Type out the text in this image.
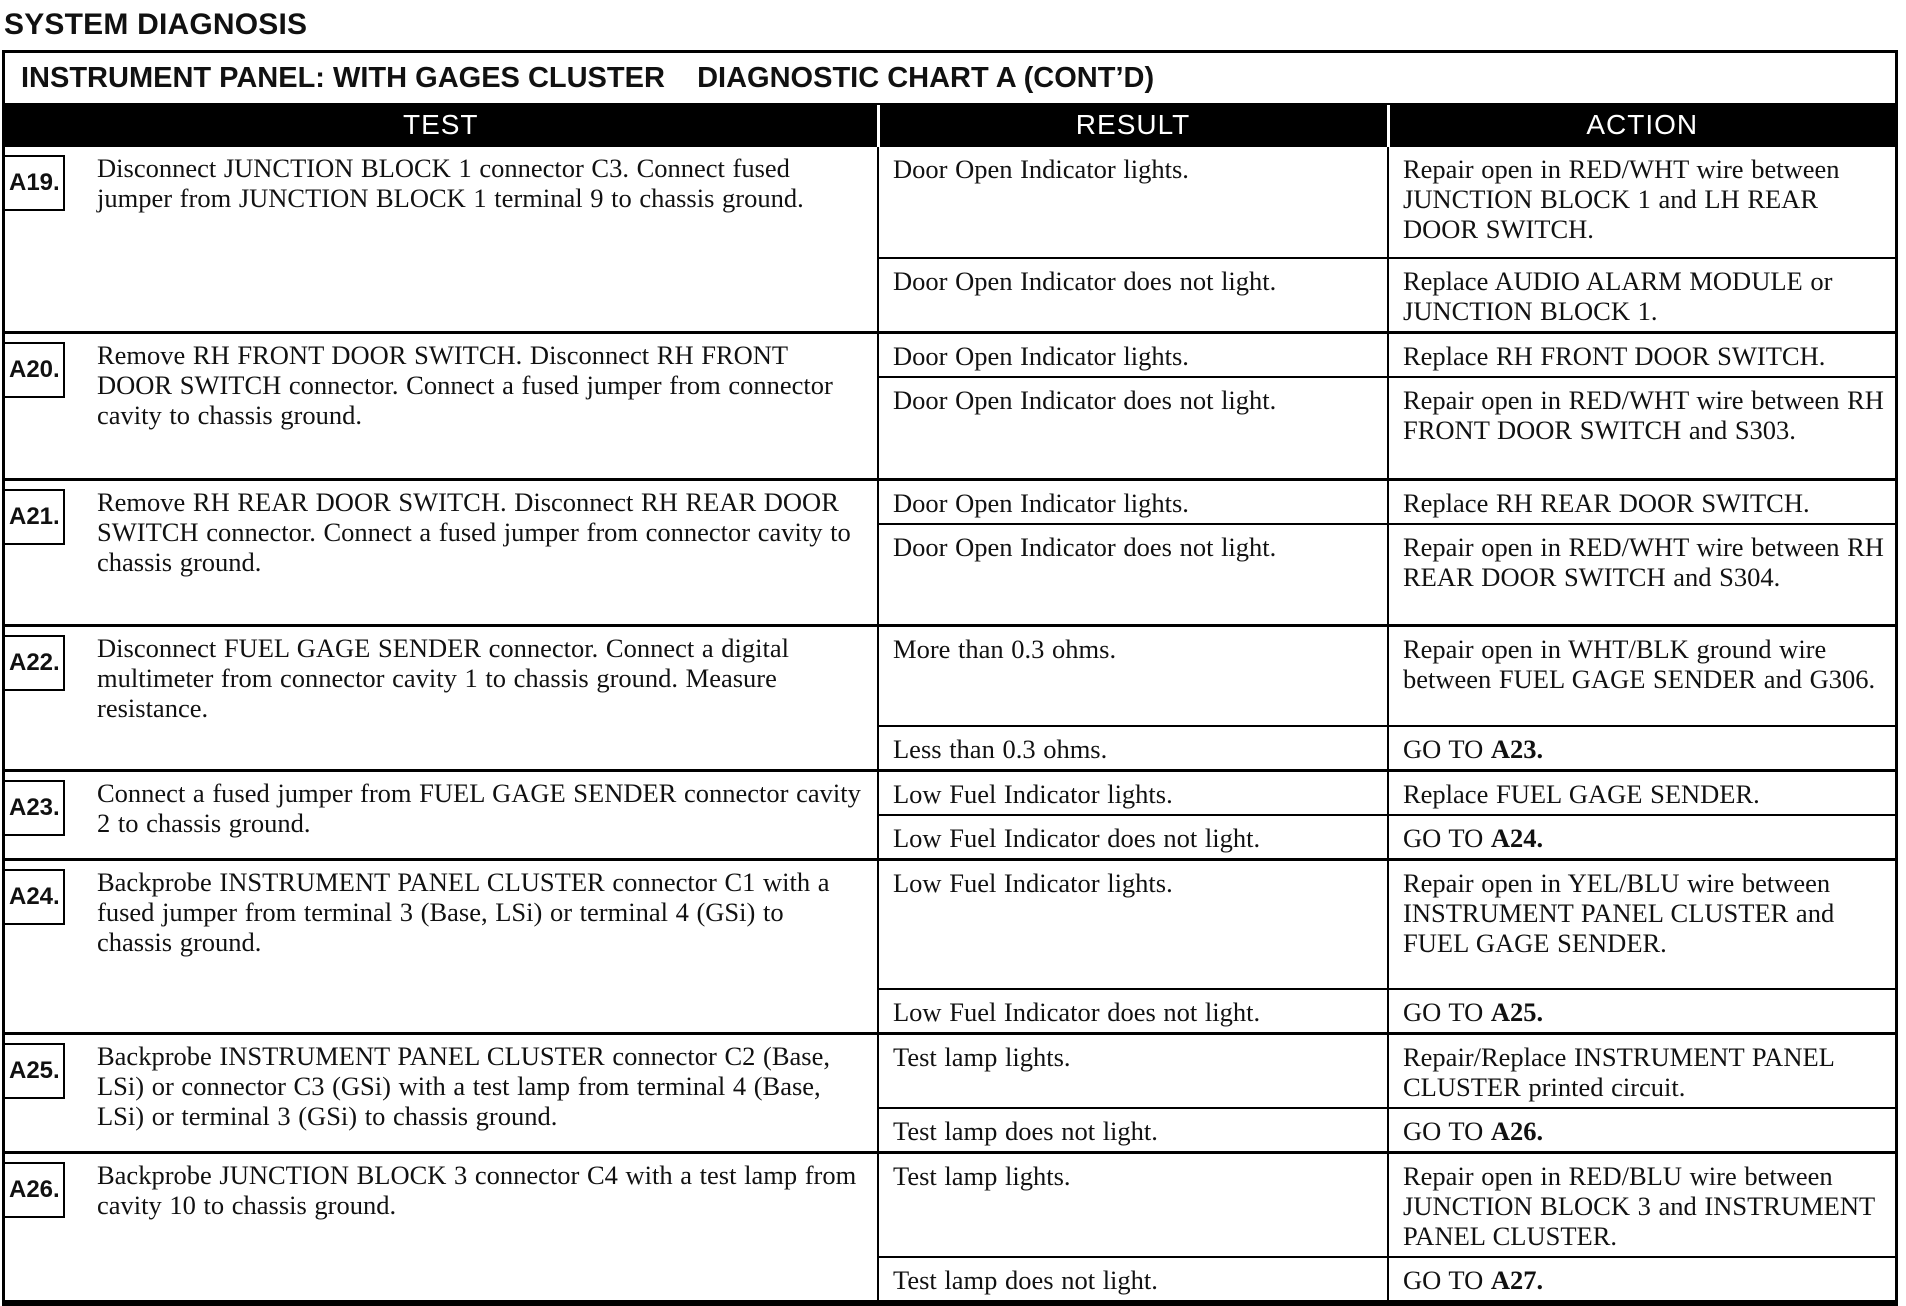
SYSTEM DIAGNOSIS
INSTRUMENT PANEL: WITH GAGES CLUSTER    DIAGNOSTIC CHART A (CONT’D)
TEST	RESULT	ACTION

A19. Disconnect JUNCTION BLOCK 1 connector C3. Connect fused jumper from JUNCTION BLOCK 1 terminal 9 to chassis ground.	Door Open Indicator lights.	Repair open in RED/WHT wire between JUNCTION BLOCK 1 and LH REAR DOOR SWITCH.
	Door Open Indicator does not light.	Replace AUDIO ALARM MODULE or JUNCTION BLOCK 1.

A20. Remove RH FRONT DOOR SWITCH. Disconnect RH FRONT DOOR SWITCH connector. Connect a fused jumper from connector cavity to chassis ground.	Door Open Indicator lights.	Replace RH FRONT DOOR SWITCH.
	Door Open Indicator does not light.	Repair open in RED/WHT wire between RH FRONT DOOR SWITCH and S303.

A21. Remove RH REAR DOOR SWITCH. Disconnect RH REAR DOOR SWITCH connector. Connect a fused jumper from connector cavity to chassis ground.	Door Open Indicator lights.	Replace RH REAR DOOR SWITCH.
	Door Open Indicator does not light.	Repair open in RED/WHT wire between RH REAR DOOR SWITCH and S304.

A22. Disconnect FUEL GAGE SENDER connector. Connect a digital multimeter from connector cavity 1 to chassis ground. Measure resistance.	More than 0.3 ohms.	Repair open in WHT/BLK ground wire between FUEL GAGE SENDER and G306.
	Less than 0.3 ohms.	GO TO A23.

A23. Connect a fused jumper from FUEL GAGE SENDER connector cavity 2 to chassis ground.	Low Fuel Indicator lights.	Replace FUEL GAGE SENDER.
	Low Fuel Indicator does not light.	GO TO A24.

A24. Backprobe INSTRUMENT PANEL CLUSTER connector C1 with a fused jumper from terminal 3 (Base, LSi) or terminal 4 (GSi) to chassis ground.	Low Fuel Indicator lights.	Repair open in YEL/BLU wire between INSTRUMENT PANEL CLUSTER and FUEL GAGE SENDER.
	Low Fuel Indicator does not light.	GO TO A25.

A25. Backprobe INSTRUMENT PANEL CLUSTER connector C2 (Base, LSi) or connector C3 (GSi) with a test lamp from terminal 4 (Base, LSi) or terminal 3 (GSi) to chassis ground.	Test lamp lights.	Repair/Replace INSTRUMENT PANEL CLUSTER printed circuit.
	Test lamp does not light.	GO TO A26.

A26. Backprobe JUNCTION BLOCK 3 connector C4 with a test lamp from cavity 10 to chassis ground.	Test lamp lights.	Repair open in RED/BLU wire between JUNCTION BLOCK 3 and INSTRUMENT PANEL CLUSTER.
	Test lamp does not light.	GO TO A27.
